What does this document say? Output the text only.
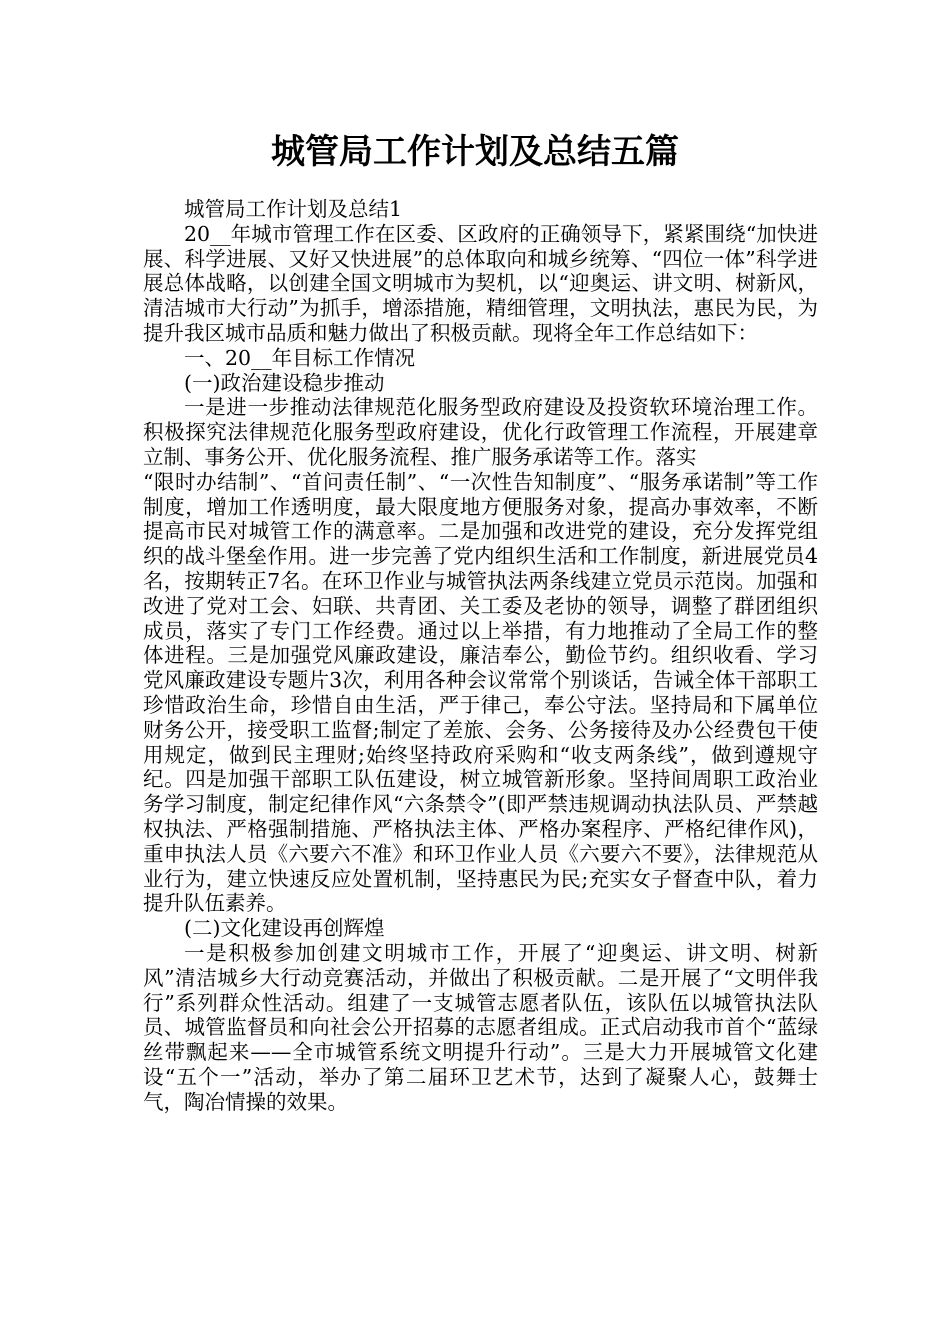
城管局工作计划及总结五篇

城管局工作计划及总结1

20__年城市管理工作在区委、区政府的正确领导下，紧紧围绕“加快进展、科学进展、又好又快进展”的总体取向和城乡统筹、“四位一体”科学进展总体战略，以创建全国文明城市为契机，以“迎奥运、讲文明、树新风，清洁城市大行动”为抓手，增添措施，精细管理，文明执法，惠民为民，为提升我区城市品质和魅力做出了积极贡献。现将全年工作总结如下：

一、20__年目标工作情况

(一)政治建设稳步推动

一是进一步推动法律规范化服务型政府建设及投资软环境治理工作。积极探究法律规范化服务型政府建设，优化行政管理工作流程，开展建章立制、事务公开、优化服务流程、推广服务承诺等工作。落实

“限时办结制”、“首问责任制”、“一次性告知制度”、“服务承诺制”等工作制度，增加工作透明度，最大限度地方便服务对象，提高办事效率，不断提高市民对城管工作的满意率。二是加强和改进党的建设，充分发挥党组织的战斗堡垒作用。进一步完善了党内组织生活和工作制度，新进展党员4名，按期转正7名。在环卫作业与城管执法两条线建立党员示范岗。加强和改进了党对工会、妇联、共青团、关工委及老协的领导，调整了群团组织成员，落实了专门工作经费。通过以上举措，有力地推动了全局工作的整体进程。三是加强党风廉政建设，廉洁奉公，勤俭节约。组织收看、学习党风廉政建设专题片3次，利用各种会议常常个别谈话，告诫全体干部职工珍惜政治生命，珍惜自由生活，严于律己，奉公守法。坚持局和下属单位财务公开，接受职工监督;制定了差旅、会务、公务接待及办公经费包干使用规定，做到民主理财;始终坚持政府采购和“收支两条线”，做到遵规守纪。四是加强干部职工队伍建设，树立城管新形象。坚持间周职工政治业务学习制度，制定纪律作风“六条禁令”(即严禁违规调动执法队员、严禁越权执法、严格强制措施、严格执法主体、严格办案程序、严格纪律作风)，重申执法人员《六要六不准》和环卫作业人员《六要六不要》，法律规范从业行为，建立快速反应处置机制，坚持惠民为民;充实女子督查中队，着力提升队伍素养。

(二)文化建设再创辉煌

一是积极参加创建文明城市工作，开展了“迎奥运、讲文明、树新风”清洁城乡大行动竞赛活动，并做出了积极贡献。二是开展了“文明伴我行”系列群众性活动。组建了一支城管志愿者队伍，该队伍以城管执法队员、城管监督员和向社会公开招募的志愿者组成。正式启动我市首个“蓝绿丝带飘起来——全市城管系统文明提升行动”。三是大力开展城管文化建设“五个一”活动，举办了第二届环卫艺术节，达到了凝聚人心，鼓舞士气，陶冶情操的效果。
